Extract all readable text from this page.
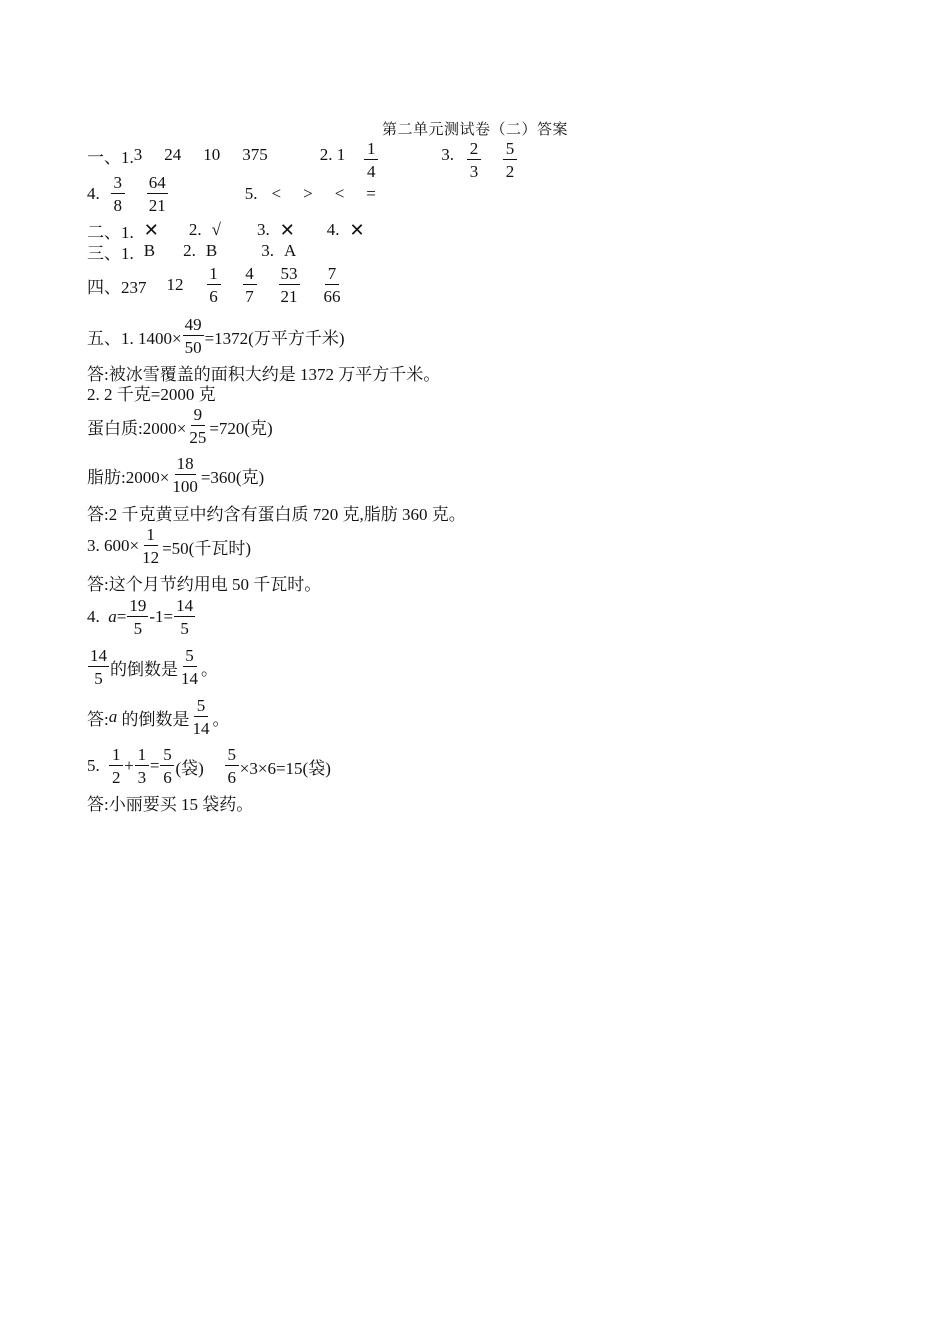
第二单元测试卷（二）答案
一、1. 3 24 10 375	2. $1 \frac{1}{4}$	3. $\frac{2}{3} \frac{5}{2}$
4. $\frac{3}{8} \frac{64}{21}$	5. < > < =
二、1. ✕ 2. √ 3. ✕ 4. ✕
三、1. B 2. B	3. A
四、237 $12 \frac{1}{6} \frac{4}{7} \frac{53}{21} \frac{7}{66}$
五、1. $1400\times \frac{49}{50} =1372$(万平方千米)
答:被冰雪覆盖的面积大约是 1372 万平方千米。
2. 2 千克=2000 克
蛋白质:2000× $\frac{9}{25} =720$(克)
脂肪:2000× $\frac{18}{100} =360$(克)
答:2 千克黄豆中约含有蛋白质 720 克,脂肪 360 克。
3. $600\times \frac{1}{12} =50$(千瓦时)
答:这个月节约用电 50 千瓦时。
4. $a = \frac{19}{5} -1= \frac{14}{5}$
$\frac{14}{5}$ 的倒数是 $\frac{5}{14}$ 。
答: a 的倒数是 $\frac{5}{14}$ 。
5. $\frac{1}{2} + \frac{1}{3} = \frac{5}{6}$ (袋) $\frac{5}{6} \times 3\times 6=15$(袋)
答:小丽要买 15 袋药。
